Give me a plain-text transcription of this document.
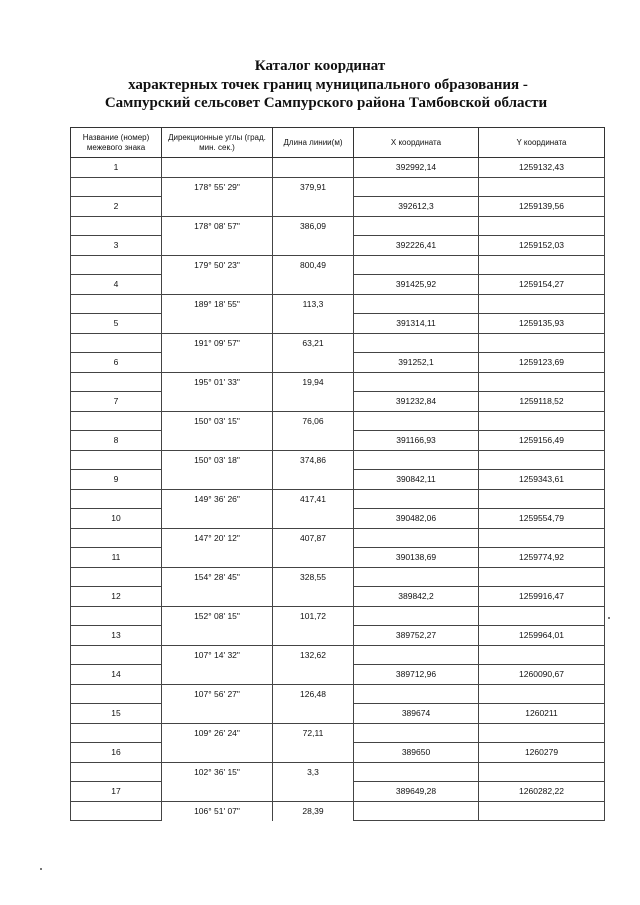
Каталог координат
характерных точек границ муниципального образования -
Сампурский сельсовет Сампурского района Тамбовской области
Название (номер) межевого знака	Дирекционные углы (град. мин. сек.)	Длина линии(м)	X координата	Y координата
1			392992,14	1259132,43
	178° 55' 29"	379,91		
2			392612,3	1259139,56
	178° 08' 57"	386,09		
3			392226,41	1259152,03
	179° 50' 23"	800,49		
4			391425,92	1259154,27
	189° 18' 55"	113,3		
5			391314,11	1259135,93
	191° 09' 57"	63,21		
6			391252,1	1259123,69
	195° 01' 33"	19,94		
7			391232,84	1259118,52
	150° 03' 15"	76,06		
8			391166,93	1259156,49
	150° 03' 18"	374,86		
9			390842,11	1259343,61
	149° 36' 26"	417,41		
10			390482,06	1259554,79
	147° 20' 12"	407,87		
11			390138,69	1259774,92
	154° 28' 45"	328,55		
12			389842,2	1259916,47
	152° 08' 15"	101,72		
13			389752,27	1259964,01
	107° 14' 32"	132,62		
14			389712,96	1260090,67
	107° 56' 27"	126,48		
15			389674	1260211
	109° 26' 24"	72,11		
16			389650	1260279
	102° 36' 15"	3,3		
17			389649,28	1260282,22
	106° 51' 07"	28,39		
